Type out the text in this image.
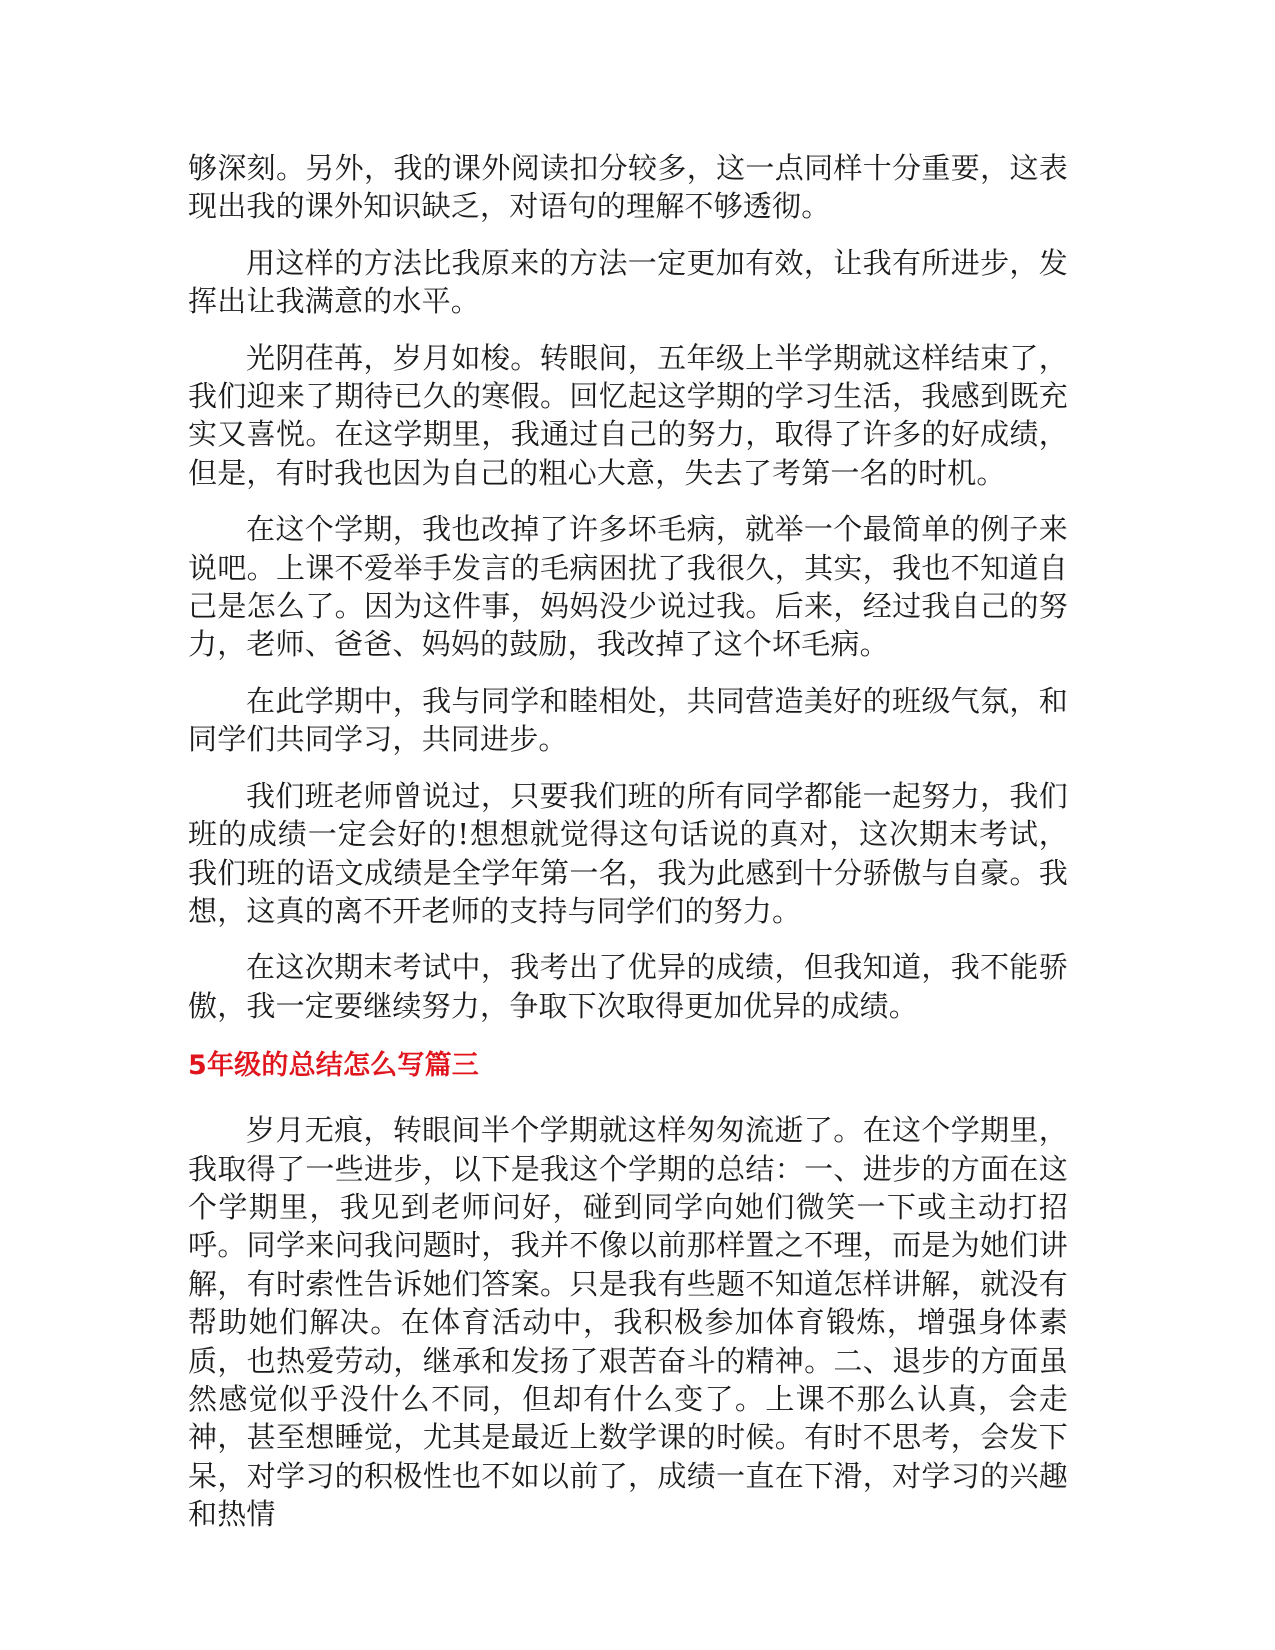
够深刻。另外，我的课外阅读扣分较多，这一点同样十分重要，这表现出我的课外知识缺乏，对语句的理解不够透彻。

用这样的方法比我原来的方法一定更加有效，让我有所进步，发挥出让我满意的水平。

光阴荏苒，岁月如梭。转眼间，五年级上半学期就这样结束了，我们迎来了期待已久的寒假。回忆起这学期的学习生活，我感到既充实又喜悦。在这学期里，我通过自己的努力，取得了许多的好成绩，但是，有时我也因为自己的粗心大意，失去了考第一名的时机。

在这个学期，我也改掉了许多坏毛病，就举一个最简单的例子来说吧。上课不爱举手发言的毛病困扰了我很久，其实，我也不知道自己是怎么了。因为这件事，妈妈没少说过我。后来，经过我自己的努力，老师、爸爸、妈妈的鼓励，我改掉了这个坏毛病。

在此学期中，我与同学和睦相处，共同营造美好的班级气氛，和同学们共同学习，共同进步。

我们班老师曾说过，只要我们班的所有同学都能一起努力，我们班的成绩一定会好的!想想就觉得这句话说的真对，这次期末考试，我们班的语文成绩是全学年第一名，我为此感到十分骄傲与自豪。我想，这真的离不开老师的支持与同学们的努力。

在这次期末考试中，我考出了优异的成绩，但我知道，我不能骄傲，我一定要继续努力，争取下次取得更加优异的成绩。

5年级的总结怎么写篇三

岁月无痕，转眼间半个学期就这样匆匆流逝了。在这个学期里，我取得了一些进步，以下是我这个学期的总结：一、进步的方面在这个学期里，我见到老师问好，碰到同学向她们微笑一下或主动打招呼。同学来问我问题时，我并不像以前那样置之不理，而是为她们讲解，有时索性告诉她们答案。只是我有些题不知道怎样讲解，就没有帮助她们解决。在体育活动中，我积极参加体育锻炼，增强身体素质，也热爱劳动，继承和发扬了艰苦奋斗的精神。二、退步的方面虽然感觉似乎没什么不同，但却有什么变了。上课不那么认真，会走神，甚至想睡觉，尤其是最近上数学课的时候。有时不思考，会发下呆，对学习的积极性也不如以前了，成绩一直在下滑，对学习的兴趣和热情
